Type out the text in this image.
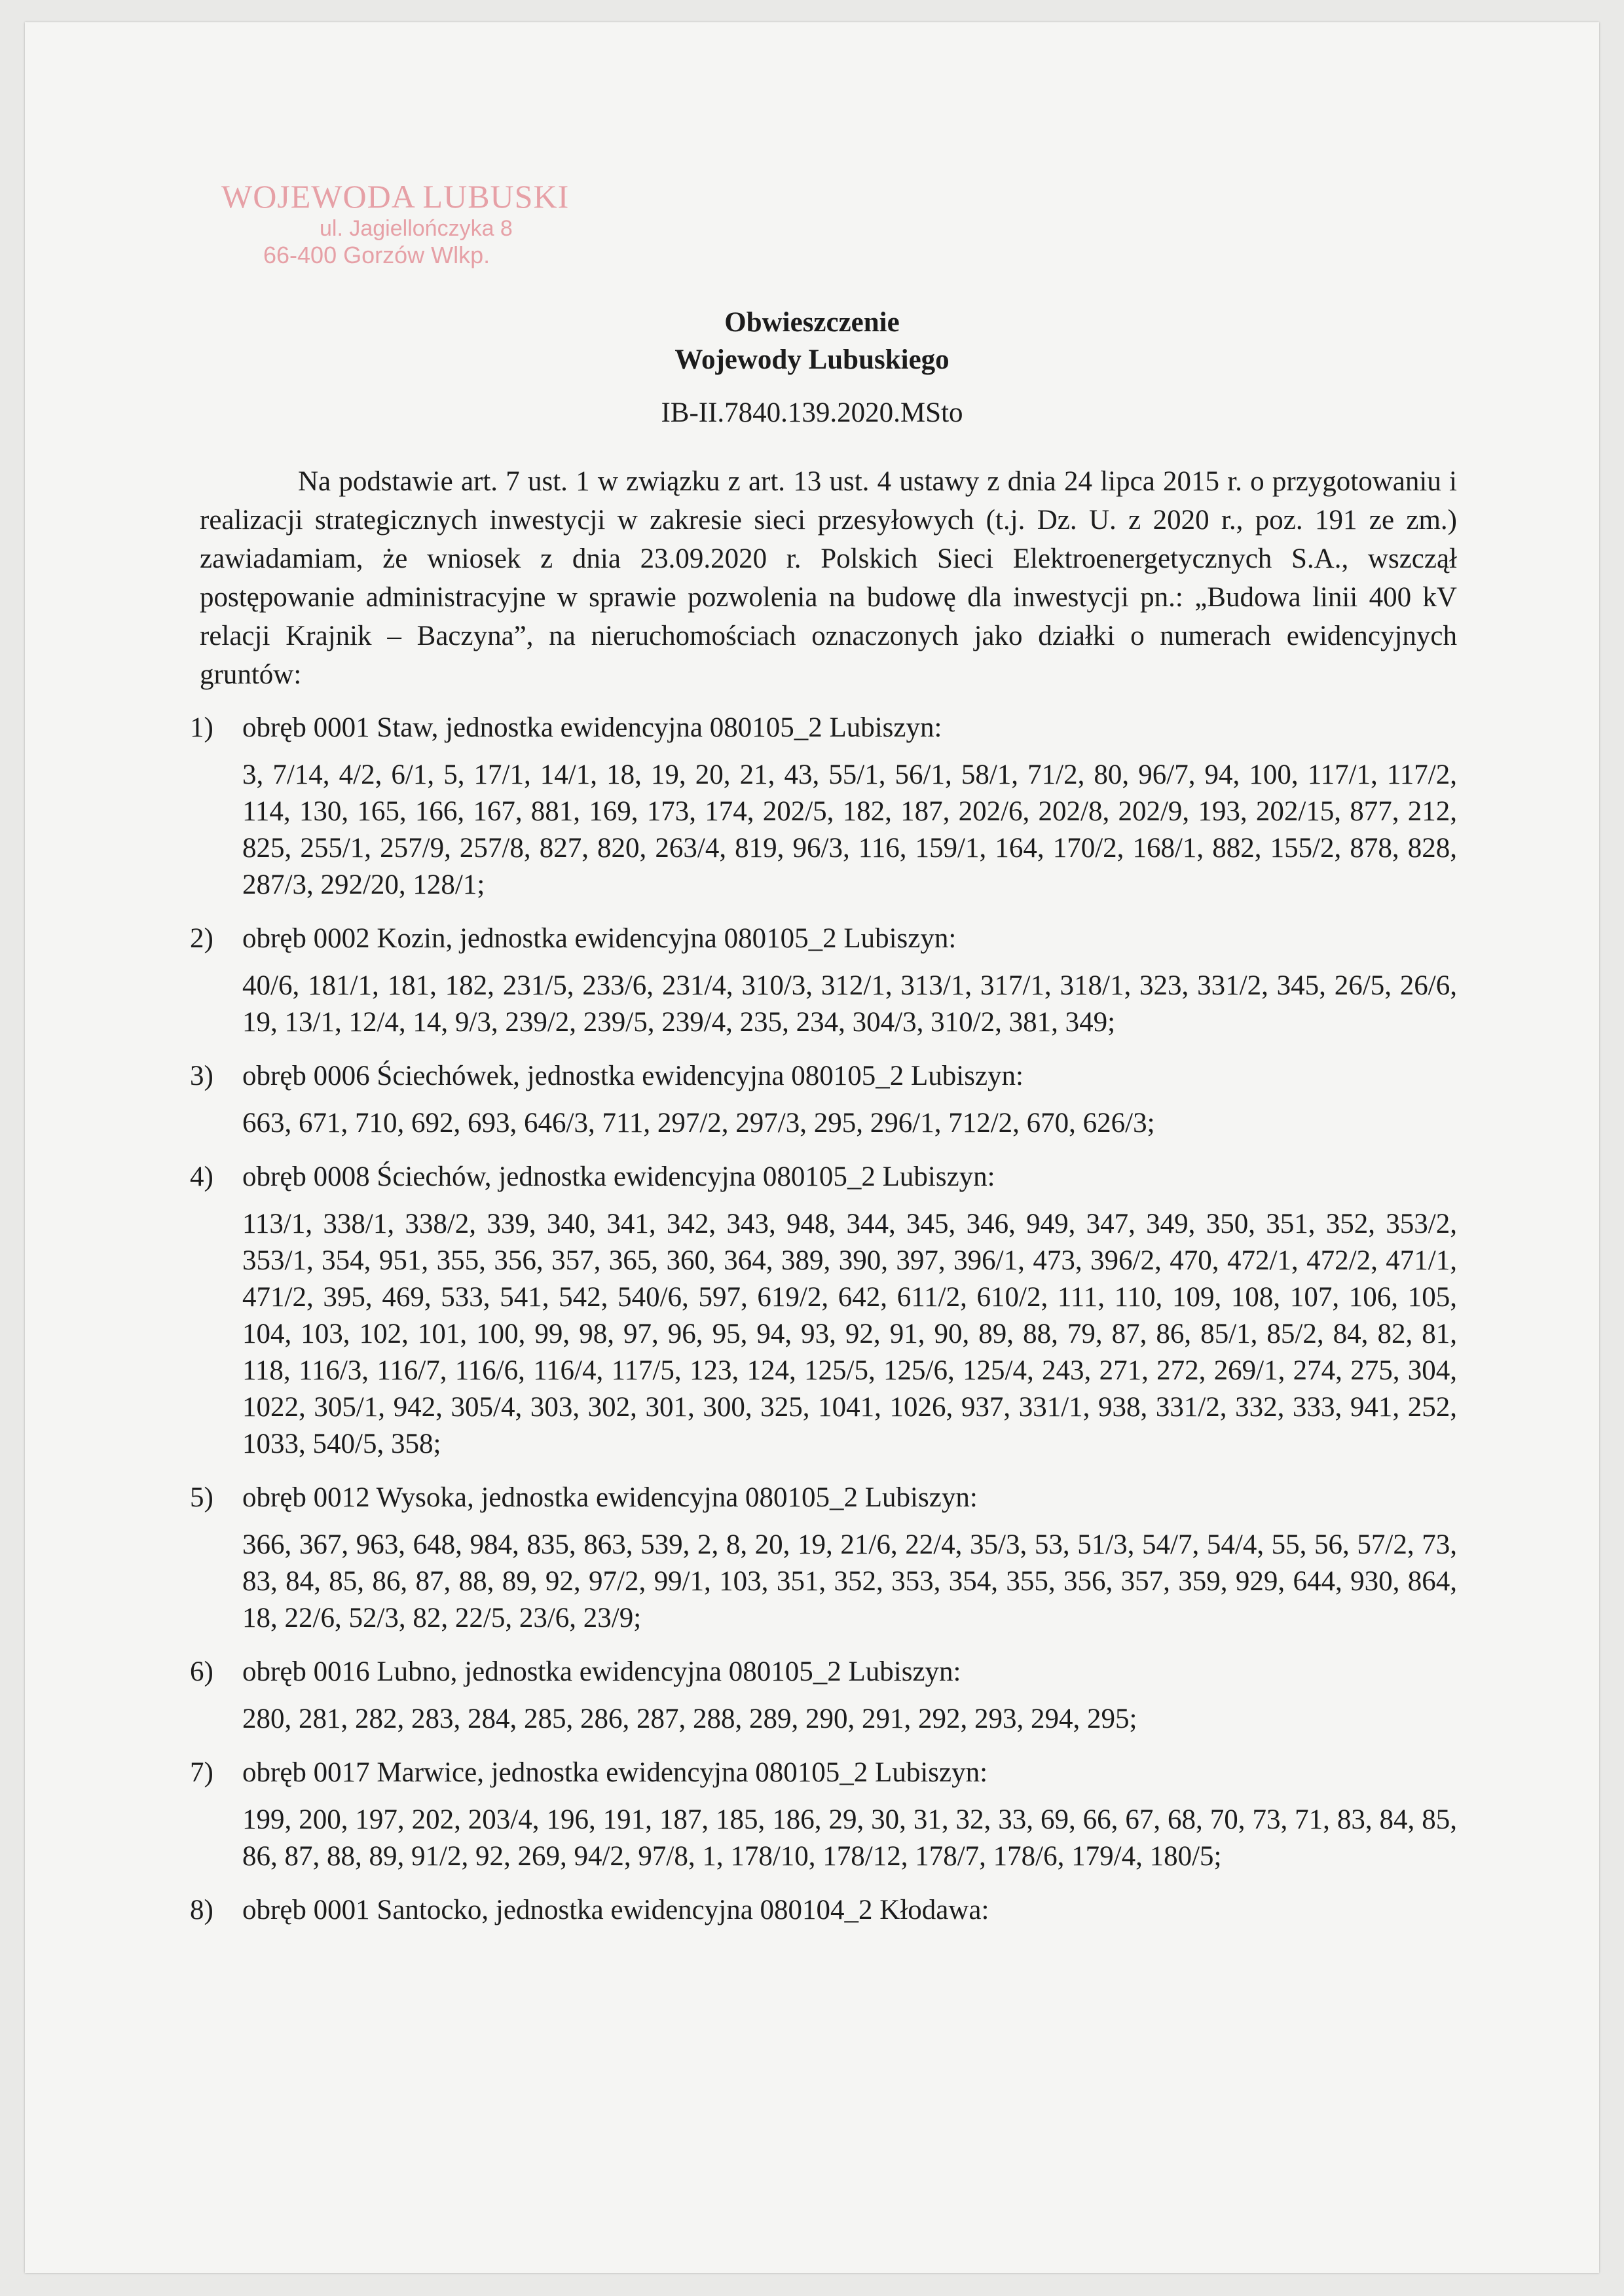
WOJEWODA LUBUSKI
ul. Jagiellończyka 8
66-400 Gorzów Wlkp.
Obwieszczenie
Wojewody Lubuskiego
IB-II.7840.139.2020.MSto
Na podstawie art. 7 ust. 1 w związku z art. 13 ust. 4 ustawy z dnia 24 lipca 2015 r. o przygotowaniu i realizacji strategicznych inwestycji w zakresie sieci przesyłowych (t.j. Dz. U. z 2020 r., poz. 191 ze zm.) zawiadamiam, że wniosek z dnia 23.09.2020 r. Polskich Sieci Elektroenergetycznych S.A., wszczął postępowanie administracyjne w sprawie pozwolenia na budowę dla inwestycji pn.: „Budowa linii 400 kV relacji Krajnik – Baczyna”, na nieruchomościach oznaczonych jako działki o numerach ewidencyjnych gruntów:
1) obręb 0001 Staw, jednostka ewidencyjna 080105_2 Lubiszyn:
3, 7/14, 4/2, 6/1, 5, 17/1, 14/1, 18, 19, 20, 21, 43, 55/1, 56/1, 58/1, 71/2, 80, 96/7, 94, 100, 117/1, 117/2, 114, 130, 165, 166, 167, 881, 169, 173, 174, 202/5, 182, 187, 202/6, 202/8, 202/9, 193, 202/15, 877, 212, 825, 255/1, 257/9, 257/8, 827, 820, 263/4, 819, 96/3, 116, 159/1, 164, 170/2, 168/1, 882, 155/2, 878, 828, 287/3, 292/20, 128/1;
2) obręb 0002 Kozin, jednostka ewidencyjna 080105_2 Lubiszyn:
40/6, 181/1, 181, 182, 231/5, 233/6, 231/4, 310/3, 312/1, 313/1, 317/1, 318/1, 323, 331/2, 345, 26/5, 26/6, 19, 13/1, 12/4, 14, 9/3, 239/2, 239/5, 239/4, 235, 234, 304/3, 310/2, 381, 349;
3) obręb 0006 Ściechówek, jednostka ewidencyjna 080105_2 Lubiszyn:
663, 671, 710, 692, 693, 646/3, 711, 297/2, 297/3, 295, 296/1, 712/2, 670, 626/3;
4) obręb 0008 Ściechów, jednostka ewidencyjna 080105_2 Lubiszyn:
113/1, 338/1, 338/2, 339, 340, 341, 342, 343, 948, 344, 345, 346, 949, 347, 349, 350, 351, 352, 353/2, 353/1, 354, 951, 355, 356, 357, 365, 360, 364, 389, 390, 397, 396/1, 473, 396/2, 470, 472/1, 472/2, 471/1, 471/2, 395, 469, 533, 541, 542, 540/6, 597, 619/2, 642, 611/2, 610/2, 111, 110, 109, 108, 107, 106, 105, 104, 103, 102, 101, 100, 99, 98, 97, 96, 95, 94, 93, 92, 91, 90, 89, 88, 79, 87, 86, 85/1, 85/2, 84, 82, 81, 118, 116/3, 116/7, 116/6, 116/4, 117/5, 123, 124, 125/5, 125/6, 125/4, 243, 271, 272, 269/1, 274, 275, 304, 1022, 305/1, 942, 305/4, 303, 302, 301, 300, 325, 1041, 1026, 937, 331/1, 938, 331/2, 332, 333, 941, 252, 1033, 540/5, 358;
5) obręb 0012 Wysoka, jednostka ewidencyjna 080105_2 Lubiszyn:
366, 367, 963, 648, 984, 835, 863, 539, 2, 8, 20, 19, 21/6, 22/4, 35/3, 53, 51/3, 54/7, 54/4, 55, 56, 57/2, 73, 83, 84, 85, 86, 87, 88, 89, 92, 97/2, 99/1, 103, 351, 352, 353, 354, 355, 356, 357, 359, 929, 644, 930, 864, 18, 22/6, 52/3, 82, 22/5, 23/6, 23/9;
6) obręb 0016 Lubno, jednostka ewidencyjna 080105_2 Lubiszyn:
280, 281, 282, 283, 284, 285, 286, 287, 288, 289, 290, 291, 292, 293, 294, 295;
7) obręb 0017 Marwice, jednostka ewidencyjna 080105_2 Lubiszyn:
199, 200, 197, 202, 203/4, 196, 191, 187, 185, 186, 29, 30, 31, 32, 33, 69, 66, 67, 68, 70, 73, 71, 83, 84, 85, 86, 87, 88, 89, 91/2, 92, 269, 94/2, 97/8, 1, 178/10, 178/12, 178/7, 178/6, 179/4, 180/5;
8) obręb 0001 Santocko, jednostka ewidencyjna 080104_2 Kłodawa:
